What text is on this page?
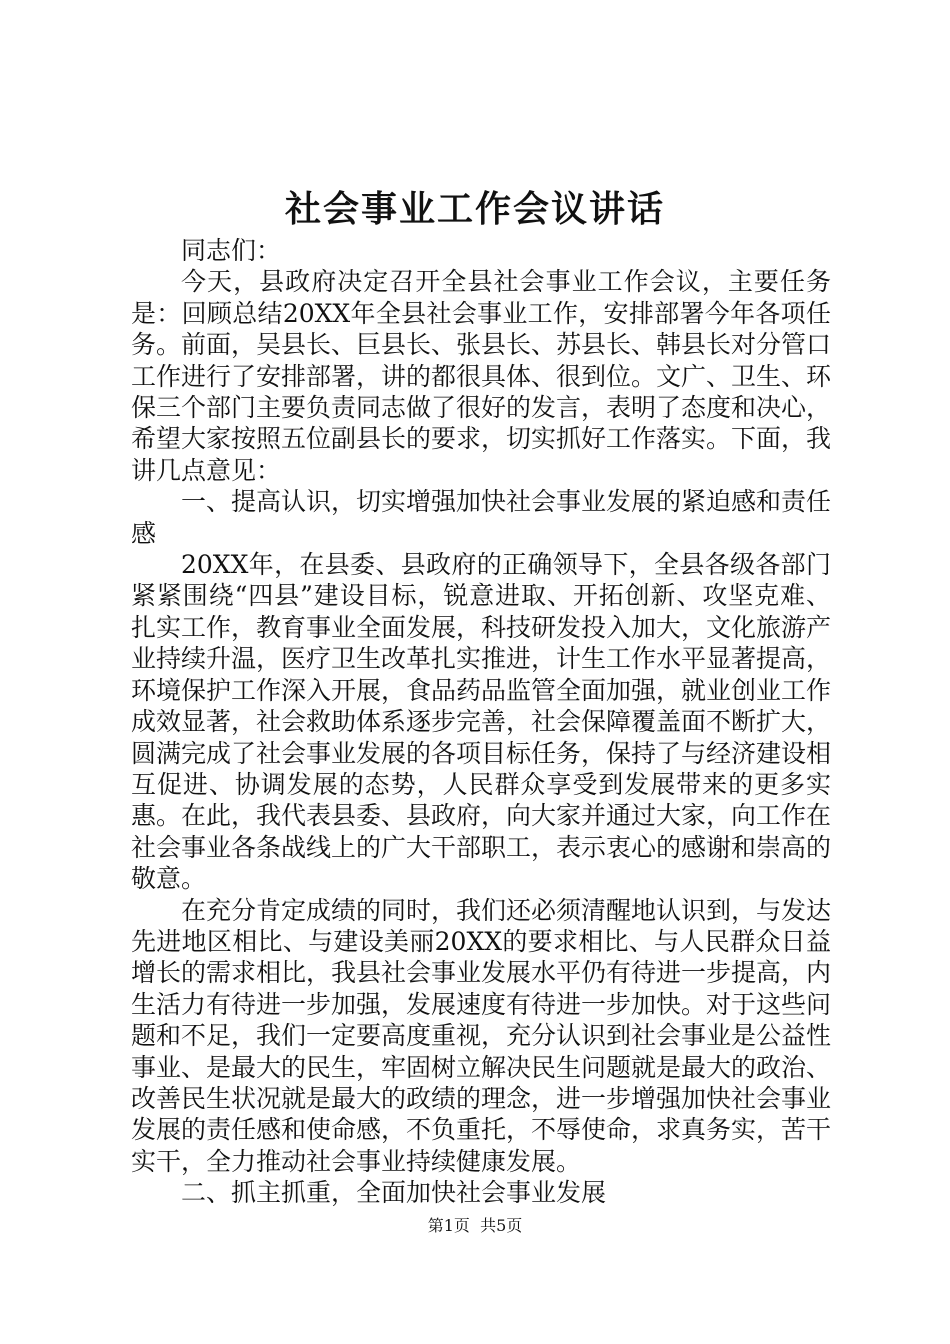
社会事业工作会议讲话

同志们：

今天，县政府决定召开全县社会事业工作会议，主要任务是：回顾总结20XX年全县社会事业工作，安排部署今年各项任务。前面，吴县长、巨县长、张县长、苏县长、韩县长对分管口工作进行了安排部署，讲的都很具体、很到位。文广、卫生、环保三个部门主要负责同志做了很好的发言，表明了态度和决心，希望大家按照五位副县长的要求，切实抓好工作落实。下面，我讲几点意见：

一、提高认识，切实增强加快社会事业发展的紧迫感和责任感

20XX年，在县委、县政府的正确领导下，全县各级各部门紧紧围绕“四县”建设目标，锐意进取、开拓创新、攻坚克难、扎实工作，教育事业全面发展，科技研发投入加大，文化旅游产业持续升温，医疗卫生改革扎实推进，计生工作水平显著提高，环境保护工作深入开展，食品药品监管全面加强，就业创业工作成效显著，社会救助体系逐步完善，社会保障覆盖面不断扩大，圆满完成了社会事业发展的各项目标任务，保持了与经济建设相互促进、协调发展的态势，人民群众享受到发展带来的更多实惠。在此，我代表县委、县政府，向大家并通过大家，向工作在社会事业各条战线上的广大干部职工，表示衷心的感谢和崇高的敬意。

在充分肯定成绩的同时，我们还必须清醒地认识到，与发达先进地区相比、与建设美丽20XX的要求相比、与人民群众日益增长的需求相比，我县社会事业发展水平仍有待进一步提高，内生活力有待进一步加强，发展速度有待进一步加快。对于这些问题和不足，我们一定要高度重视，充分认识到社会事业是公益性事业、是最大的民生，牢固树立解决民生问题就是最大的政治、改善民生状况就是最大的政绩的理念，进一步增强加快社会事业发展的责任感和使命感，不负重托，不辱使命，求真务实，苦干实干，全力推动社会事业持续健康发展。

二、抓主抓重，全面加快社会事业发展

第1页 共5页
